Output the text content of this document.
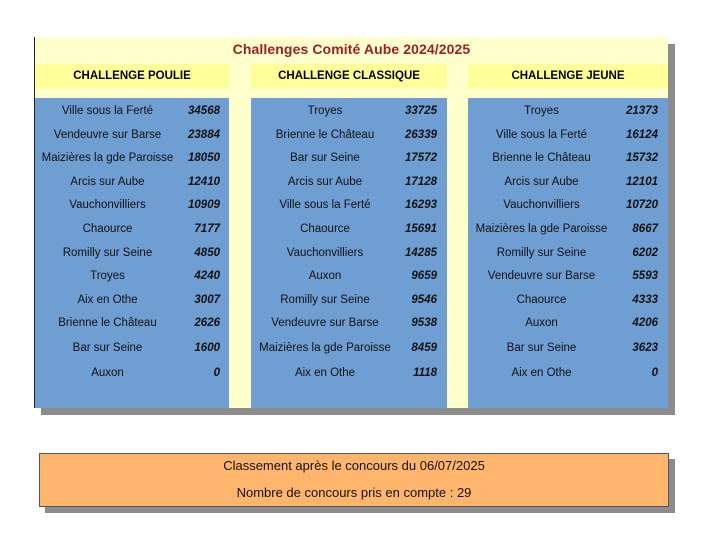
Challenges Comité Aube 2024/2025
CHALLENGE POULIE	CHALLENGE CLASSIQUE	CHALLENGE JEUNE
Ville sous la Ferté	34568
Vendeuvre sur Barse	23884
Maizières la gde Paroisse	18050
Arcis sur Aube	12410
Vauchonvilliers	10909
Chaource	7177
Romilly sur Seine	4850
Troyes	4240
Aix en Othe	3007
Brienne le Château	2626
Bar sur Seine	1600
Auxon	0
Troyes	33725
Brienne le Château	26339
Bar sur Seine	17572
Arcis sur Aube	17128
Ville sous la Ferté	16293
Chaource	15691
Vauchonvilliers	14285
Auxon	9659
Romilly sur Seine	9546
Vendeuvre sur Barse	9538
Maizières la gde Paroisse	8459
Aix en Othe	1118
Troyes	21373
Ville sous la Ferté	16124
Brienne le Château	15732
Arcis sur Aube	12101
Vauchonvilliers	10720
Maizières la gde Paroisse	8667
Romilly sur Seine	6202
Vendeuvre sur Barse	5593
Chaource	4333
Auxon	4206
Bar sur Seine	3623
Aix en Othe	0
Classement après le concours du 06/07/2025
Nombre de concours pris en compte : 29
